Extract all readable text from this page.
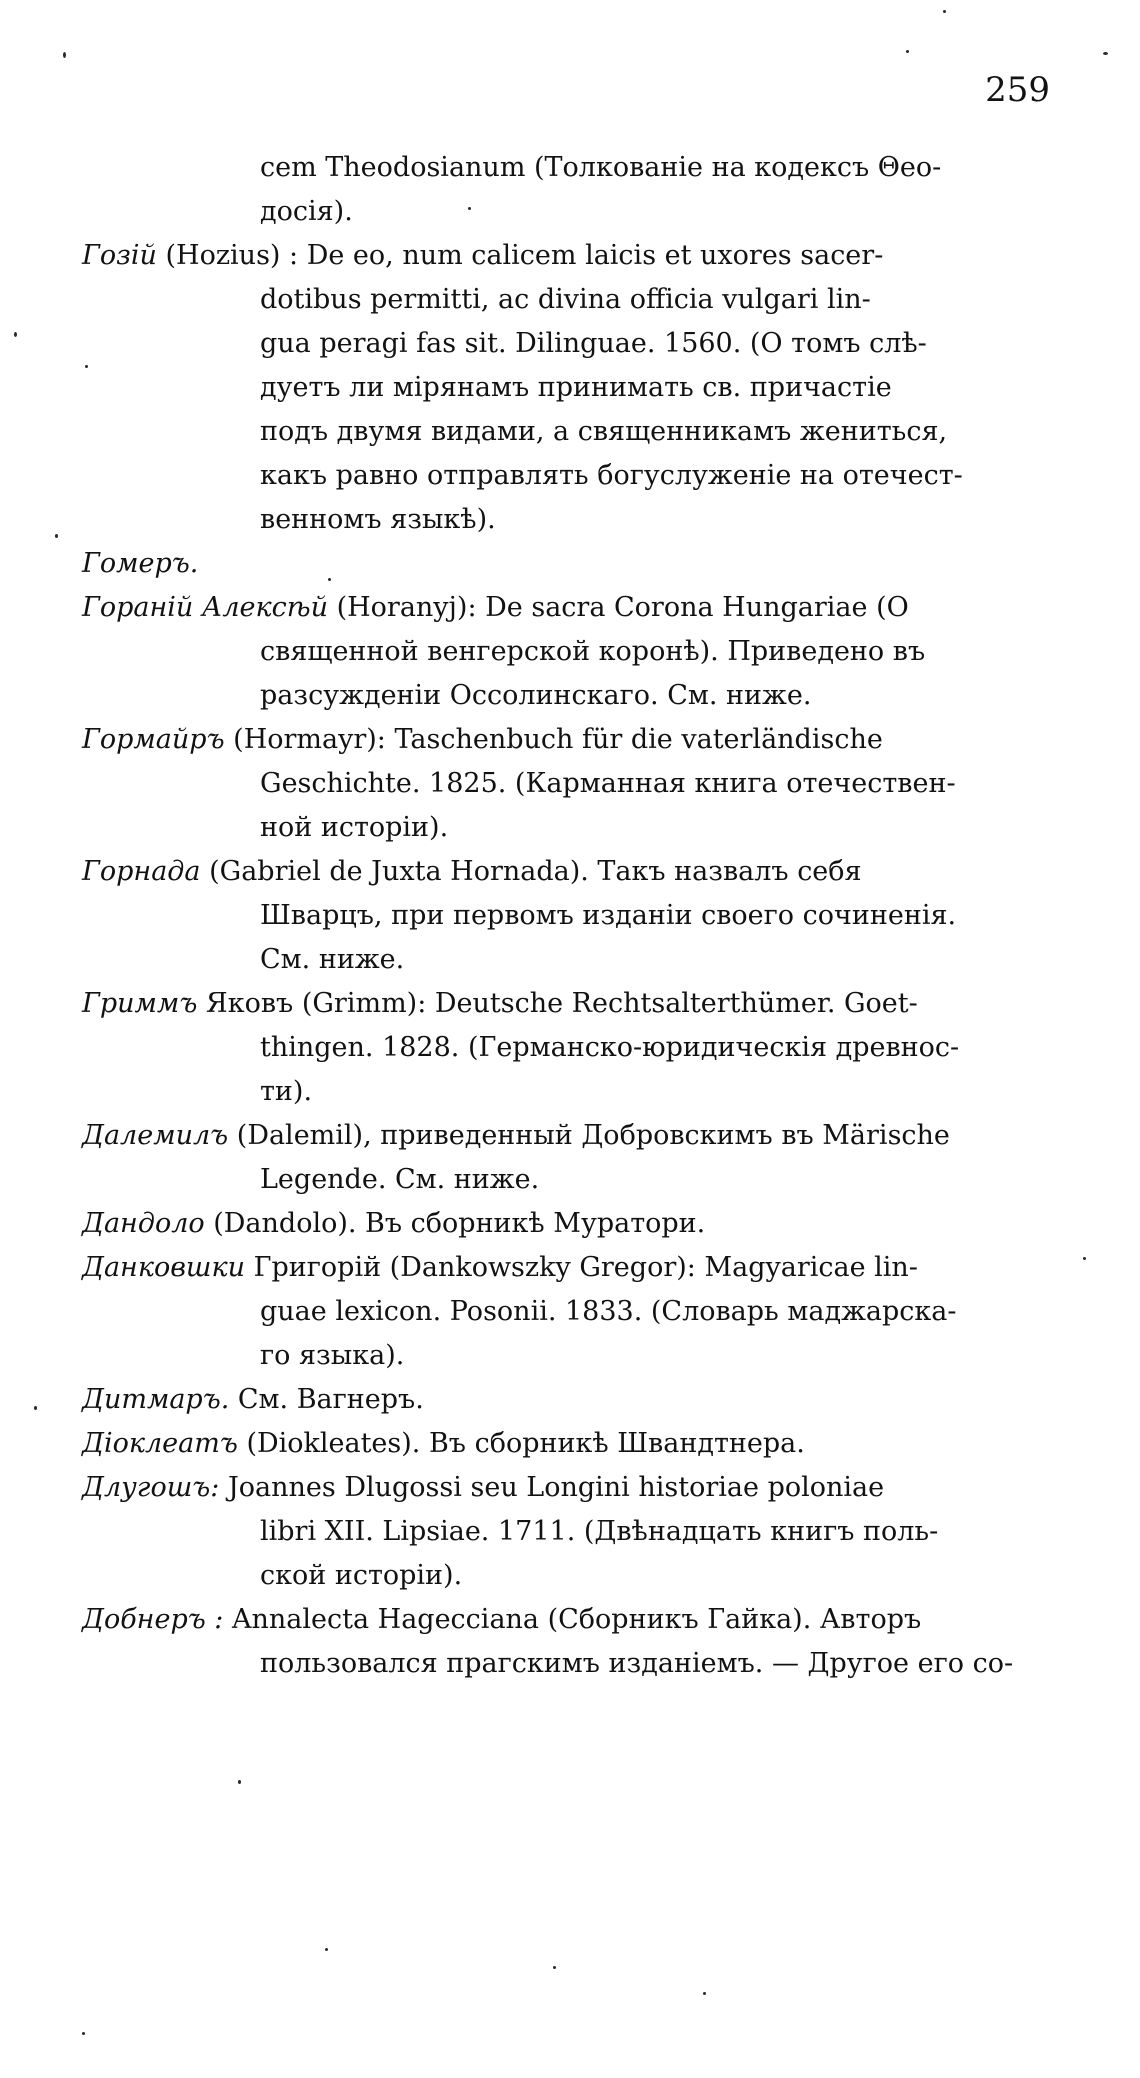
259
cem Theodosianum (Толкованіе на кодексъ Θео-
досія).
Гозій (Hozius) : De eo, num calicem laicis et uxores sacer-
dotibus permitti, ac divina officia vulgari lin-
gua peragi fas sit. Dilinguae. 1560. (О томъ слѣ-
дуетъ ли мірянамъ принимать св. причастіе
подъ двумя видами, а священникамъ жениться,
какъ равно отправлять богуслуженіе на отечест-
венномъ языкѣ).
Гомеръ.
Гораній Алексѣй (Horanyj): De sacra Corona Hungariae (О
священной венгерской коронѣ). Приведено въ
разсужденіи Оссолинскаго. См. ниже.
Гормайръ (Hormayr): Taschenbuch für die vaterländische
Geschichte. 1825. (Карманная книга отечествен-
ной исторіи).
Горнада (Gabriel de Juxta Hornada). Такъ назвалъ себя
Шварцъ, при первомъ изданіи своего сочиненія.
См. ниже.
Гриммъ Яковъ (Grimm): Deutsche Rechtsalterthümer. Goet-
thingen. 1828. (Германско-юридическія древнос-
ти).
Далемилъ (Dalemil), приведенный Добровскимъ въ Märische
Legende. См. ниже.
Дандоло (Dandolo). Въ сборникѣ Муратори.
Данковшки Григорій (Dankowszky Gregor): Magyaricae lin-
guae lexicon. Posonii. 1833. (Словарь маджарска-
го языка).
Дитмаръ. См. Вагнеръ.
Діоклеатъ (Diokleates). Въ сборникѣ Швандтнера.
Длугошъ: Joannes Dlugossi seu Longini historiae poloniae
libri XII. Lipsiae. 1711. (Двѣнадцать книгъ поль-
ской исторіи).
Добнеръ : Annalecta Hagecciana (Сборникъ Гайка). Авторъ
пользовался прагскимъ изданіемъ. — Другое его со-
